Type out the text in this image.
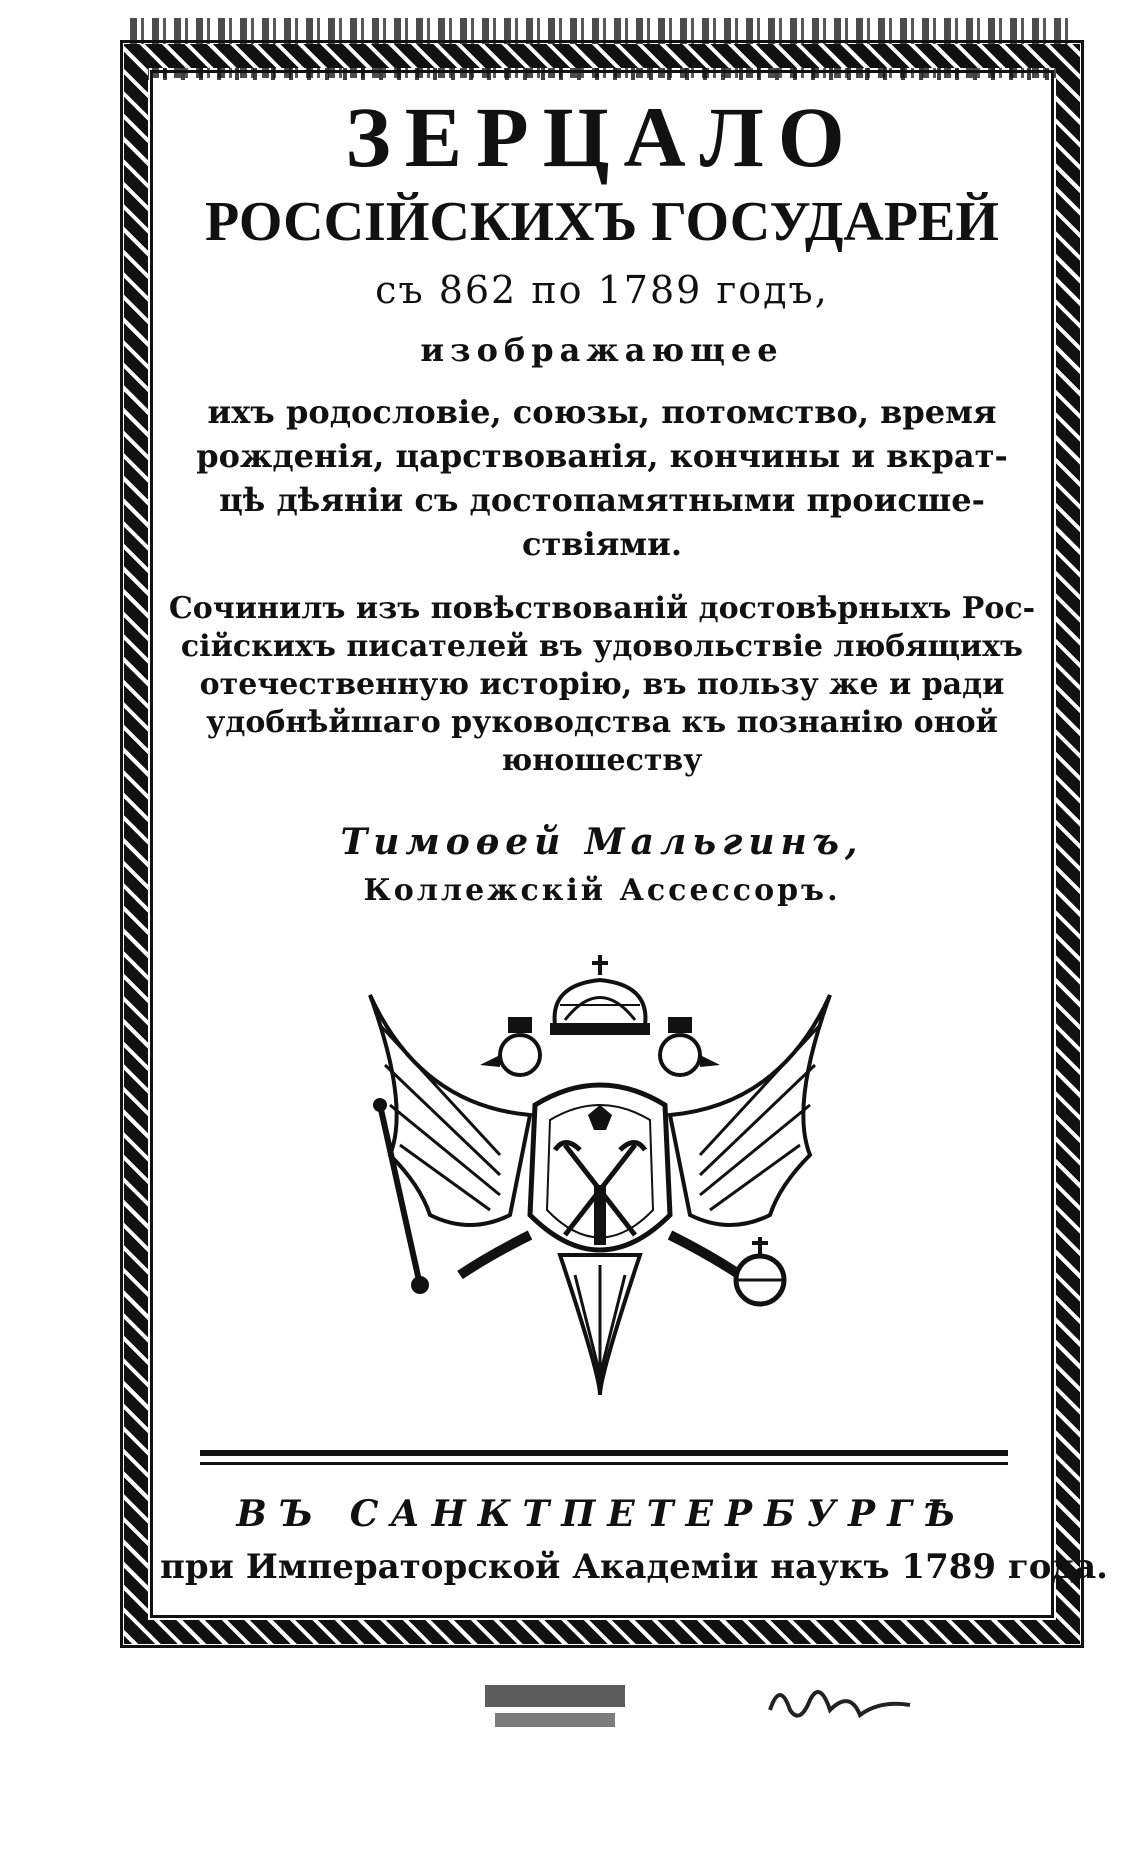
ЗЕРЦАЛО
РОССІЙСКИХЪ ГОСУДАРЕЙ
съ 862 по 1789 годъ,
изображающее
ихъ родословіе, союзы, потомство, время
рожденія, царствованія, кончины и вкрат-
цѣ дѣяніи съ достопамятными происше-
ствіями.
Сочинилъ изъ повѣствованій достовѣрныхъ Рос-
сійскихъ писателей въ удовольствіе любящихъ
отечественную исторію, въ пользу же и ради
удобнѣйшаго руководства къ познанію оной
юношеству
Тимоѳей Мальгинъ,
Коллежскій Ассессоръ.
ВЪ САНКТПЕТЕРБУРГѢ
при Императорской Академіи наукъ 1789 года.
